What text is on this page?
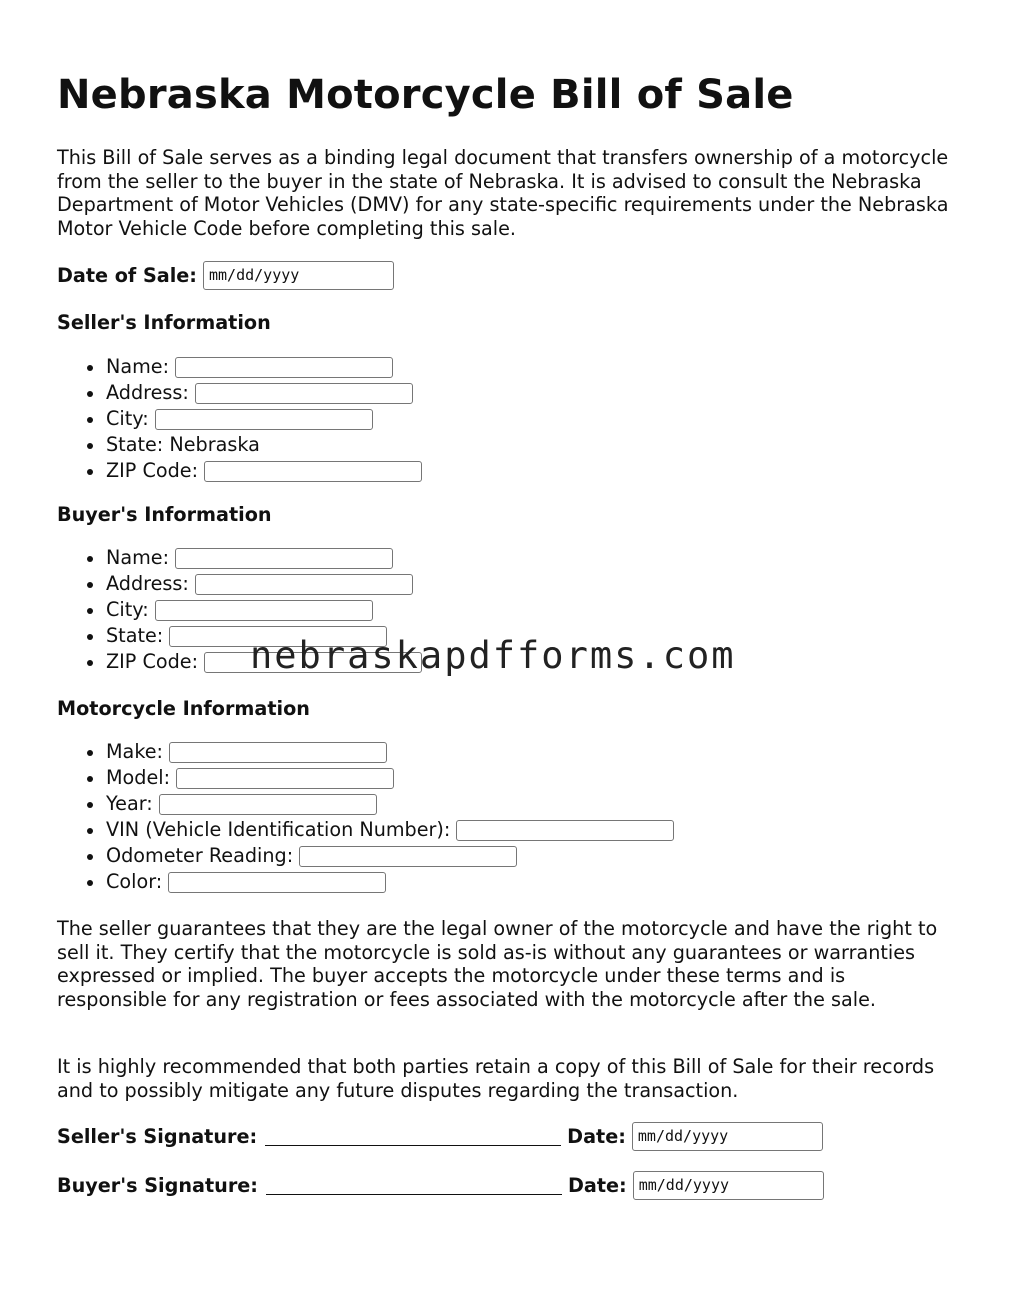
Nebraska Motorcycle Bill of Sale

This Bill of Sale serves as a binding legal document that transfers ownership of a motorcycle from the seller to the buyer in the state of Nebraska. It is advised to consult the Nebraska Department of Motor Vehicles (DMV) for any state-specific requirements under the Nebraska Motor Vehicle Code before completing this sale.

Date of Sale: mm/dd/yyyy
Seller's Information
Name:
Address:
City:
State: Nebraska
ZIP Code:
Buyer's Information
Name:
Address:
City:
State:
ZIP Code:
Motorcycle Information
Make:
Model:
Year:
VIN (Vehicle Identification Number):
Odometer Reading:
Color:

The seller guarantees that they are the legal owner of the motorcycle and have the right to sell it. They certify that the motorcycle is sold as-is without any guarantees or warranties expressed or implied. The buyer accepts the motorcycle under these terms and is responsible for any registration or fees associated with the motorcycle after the sale.

It is highly recommended that both parties retain a copy of this Bill of Sale for their records and to possibly mitigate any future disputes regarding the transaction.

Seller's Signature:	Date: mm/dd/yyyy
Buyer's Signature:	Date: mm/dd/yyyy
nebraskapdfforms.com
